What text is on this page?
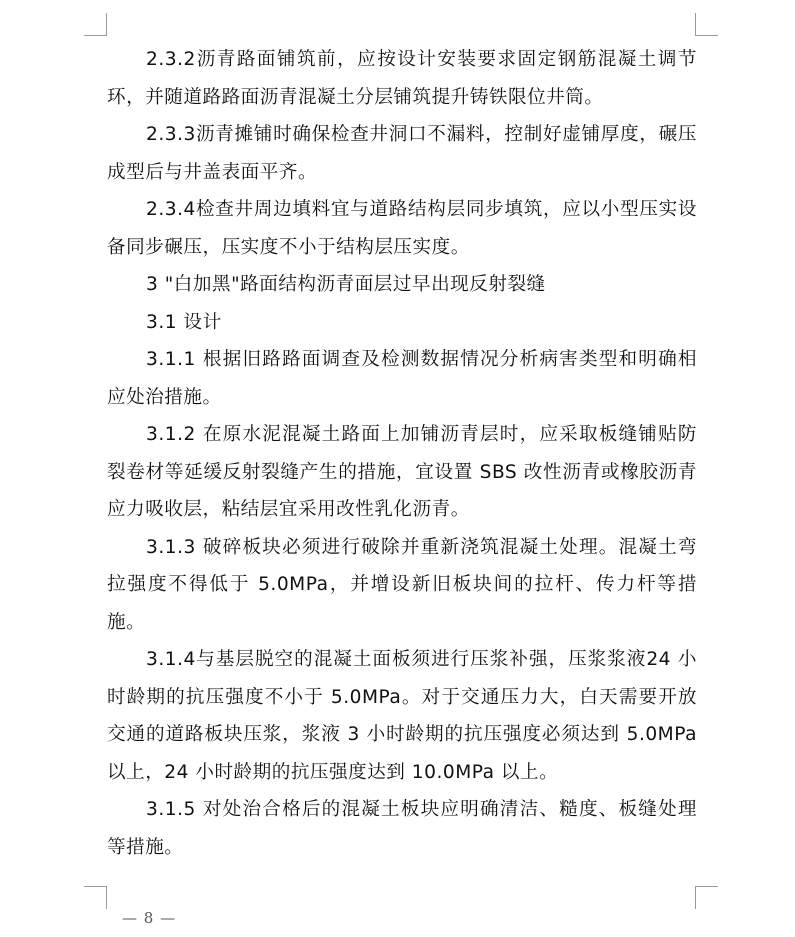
2.3.2沥青路面铺筑前，应按设计安装要求固定钢筋混凝土调节环，并随道路路面沥青混凝土分层铺筑提升铸铁限位井筒。

2.3.3沥青摊铺时确保检查井洞口不漏料，控制好虚铺厚度，碾压成型后与井盖表面平齐。

2.3.4检查井周边填料宜与道路结构层同步填筑，应以小型压实设备同步碾压，压实度不小于结构层压实度。

3 "白加黑"路面结构沥青面层过早出现反射裂缝

3.1 设计

3.1.1 根据旧路路面调查及检测数据情况分析病害类型和明确相应处治措施。

3.1.2 在原水泥混凝土路面上加铺沥青层时，应采取板缝铺贴防裂卷材等延缓反射裂缝产生的措施，宜设置 SBS 改性沥青或橡胶沥青应力吸收层，粘结层宜采用改性乳化沥青。

3.1.3 破碎板块必须进行破除并重新浇筑混凝土处理。混凝土弯拉强度不得低于 5.0MPa，并增设新旧板块间的拉杆、传力杆等措施。

3.1.4与基层脱空的混凝土面板须进行压浆补强，压浆浆液24 小时龄期的抗压强度不小于 5.0MPa。对于交通压力大，白天需要开放交通的道路板块压浆，浆液 3 小时龄期的抗压强度必须达到 5.0MPa 以上，24 小时龄期的抗压强度达到 10.0MPa 以上。

3.1.5 对处治合格后的混凝土板块应明确清洁、糙度、板缝处理等措施。

— 8 —
